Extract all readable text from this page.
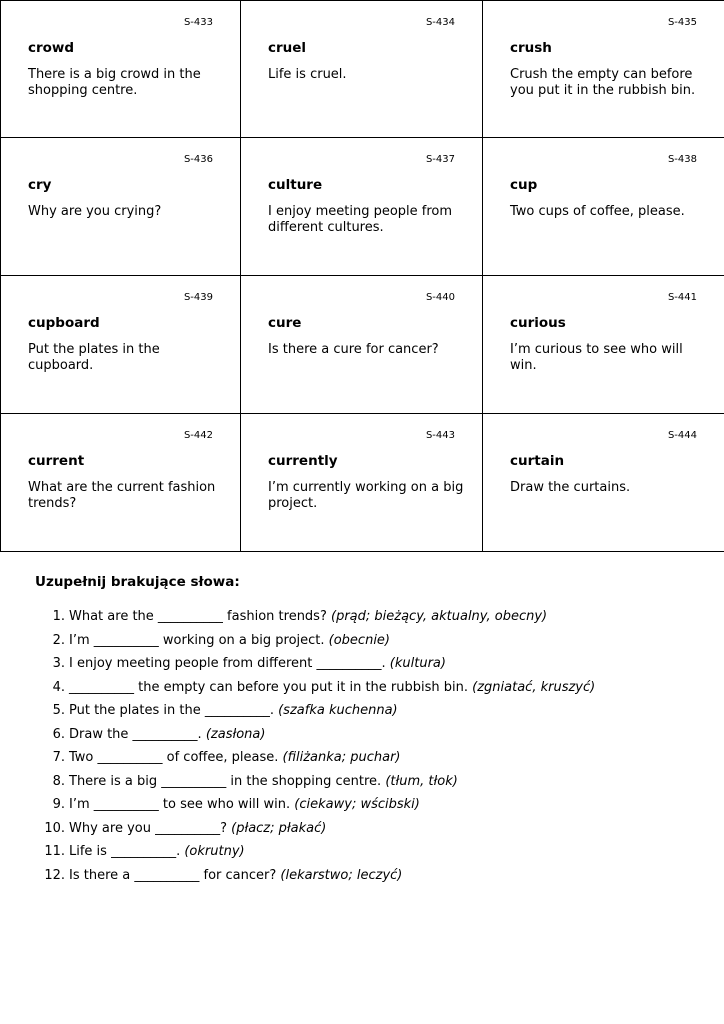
S-433
crowd
There is a big crowd in the shopping centre.
S-434
cruel
Life is cruel.
S-435
crush
Crush the empty can before you put it in the rubbish bin.
S-436
cry
Why are you crying?
S-437
culture
I enjoy meeting people from different cultures.
S-438
cup
Two cups of coffee, please.
S-439
cupboard
Put the plates in the cupboard.
S-440
cure
Is there a cure for cancer?
S-441
curious
I’m curious to see who will win.
S-442
current
What are the current fashion trends?
S-443
currently
I’m currently working on a big project.
S-444
curtain
Draw the curtains.
Uzupełnij brakujące słowa:
1. What are the __________ fashion trends?
(prąd; bieżący, aktualny, obecny)
2. I’m __________ working on a big project.
(obecnie)
3. I enjoy meeting people from different __________.
(kultura)
4. __________ the empty can before you put it in the rubbish bin.
(zgniatać, kruszyć)
5. Put the plates in the __________.
(szafka kuchenna)
6. Draw the __________.
(zasłona)
7. Two __________ of coffee, please.
(filiżanka; puchar)
8. There is a big __________ in the shopping centre.
(tłum, tłok)
9. I’m __________ to see who will win.
(ciekawy; wścibski)
10. Why are you __________?
(płacz; płakać)
11. Life is __________.
(okrutny)
12. Is there a __________ for cancer?
(lekarstwo; leczyć)
